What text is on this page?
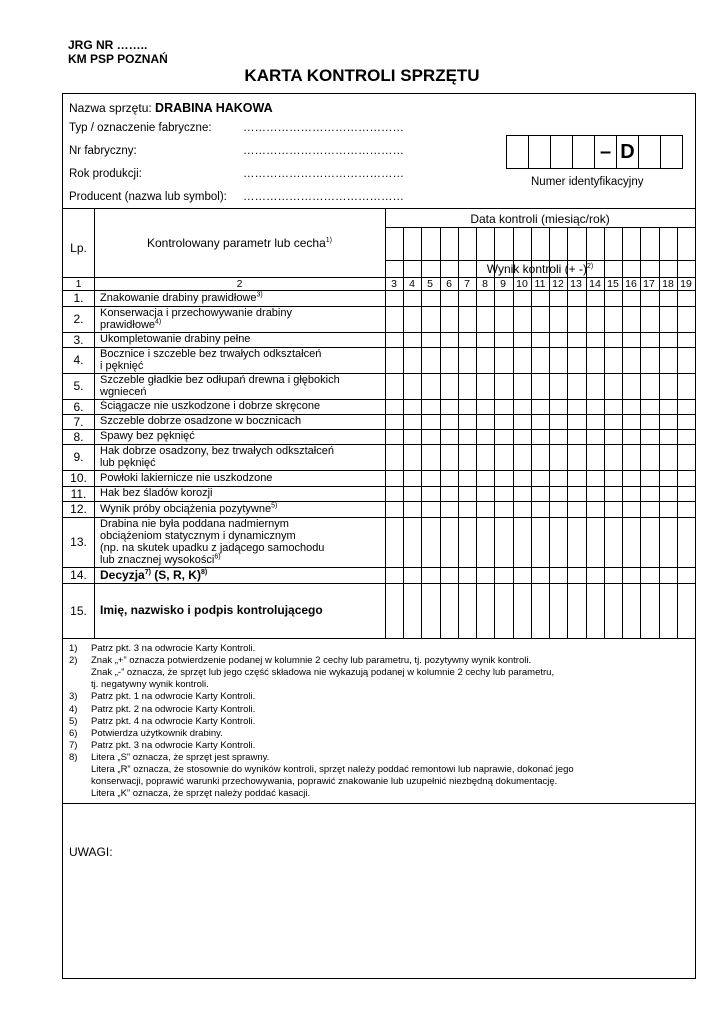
JRG NR ……..
KM PSP POZNAŃ
KARTA KONTROLI SPRZĘTU
Nazwa sprzętu: DRABINA HAKOWA
Typ / oznaczenie fabryczne:	……………………………………
Nr fabryczny:	……………………………………
Rok produkcji:	……………………………………
Producent (nazwa lub symbol): ……………………………………
– D
Numer identyfikacyjny
Lp.	Kontrolowany parametr lub cecha$^{1)}$
Data kontroli (miesiąc/rok)
Wynik kontroli (+ -)$^{2)}$
1	2	3	4	5	6	7	8	9 10 11 12 13 14 15 16 17 18 19
1.	Znakowanie drabiny prawidłowe$^{3)}$
2.	Konserwacja i przechowywanie drabiny
prawidłowe$^{4)}$
3.	Ukompletowanie drabiny pełne
4.	Bocznice i szczeble bez trwałych odkształceń
i pęknięć
5.	Szczeble gładkie bez odłupań drewna i głębokich
wgnieceń
6.	Ściągacze nie uszkodzone i dobrze skręcone
7.	Szczeble dobrze osadzone w bocznicach
8.	Spawy bez pęknięć
9.	Hak dobrze osadzony, bez trwałych odkształceń
lub pęknięć
10.	Powłoki lakiernicze nie uszkodzone
11.	Hak bez śladów korozji
12.	Wynik próby obciążenia pozytywne$^{5)}$
13.
Drabina nie była poddana nadmiernym
obciążeniom statycznym i dynamicznym
(np. na skutek upadku z jadącego samochodu
lub znacznej wysokości$^{6)}$
14.	Decyzja$^{7)}$ (S, R, K)$^{8)}$
15.	Imię, nazwisko i podpis kontrolującego
1) Patrz pkt. 3 na odwrocie Karty Kontroli.
2) Znak „+” oznacza potwierdzenie podanej w kolumnie 2 cechy lub parametru, tj. pozytywny wynik kontroli.
Znak „-” oznacza, że sprzęt lub jego część składowa nie wykazują podanej w kolumnie 2 cechy lub parametru,
tj. negatywny wynik kontroli.
3) Patrz pkt. 1 na odwrocie Karty Kontroli.
4) Patrz pkt. 2 na odwrocie Karty Kontroli.
5) Patrz pkt. 4 na odwrocie Karty Kontroli.
6) Potwierdza użytkownik drabiny.
7) Patrz pkt. 3 na odwrocie Karty Kontroli.
8) Litera „S” oznacza, że sprzęt jest sprawny.
Litera „R” oznacza, że stosownie do wyników kontroli, sprzęt należy poddać remontowi lub naprawie, dokonać jego
konserwacji, poprawić warunki przechowywania, poprawić znakowanie lub uzupełnić niezbędną dokumentację.
Litera „K” oznacza, że sprzęt należy poddać kasacji.
UWAGI:
